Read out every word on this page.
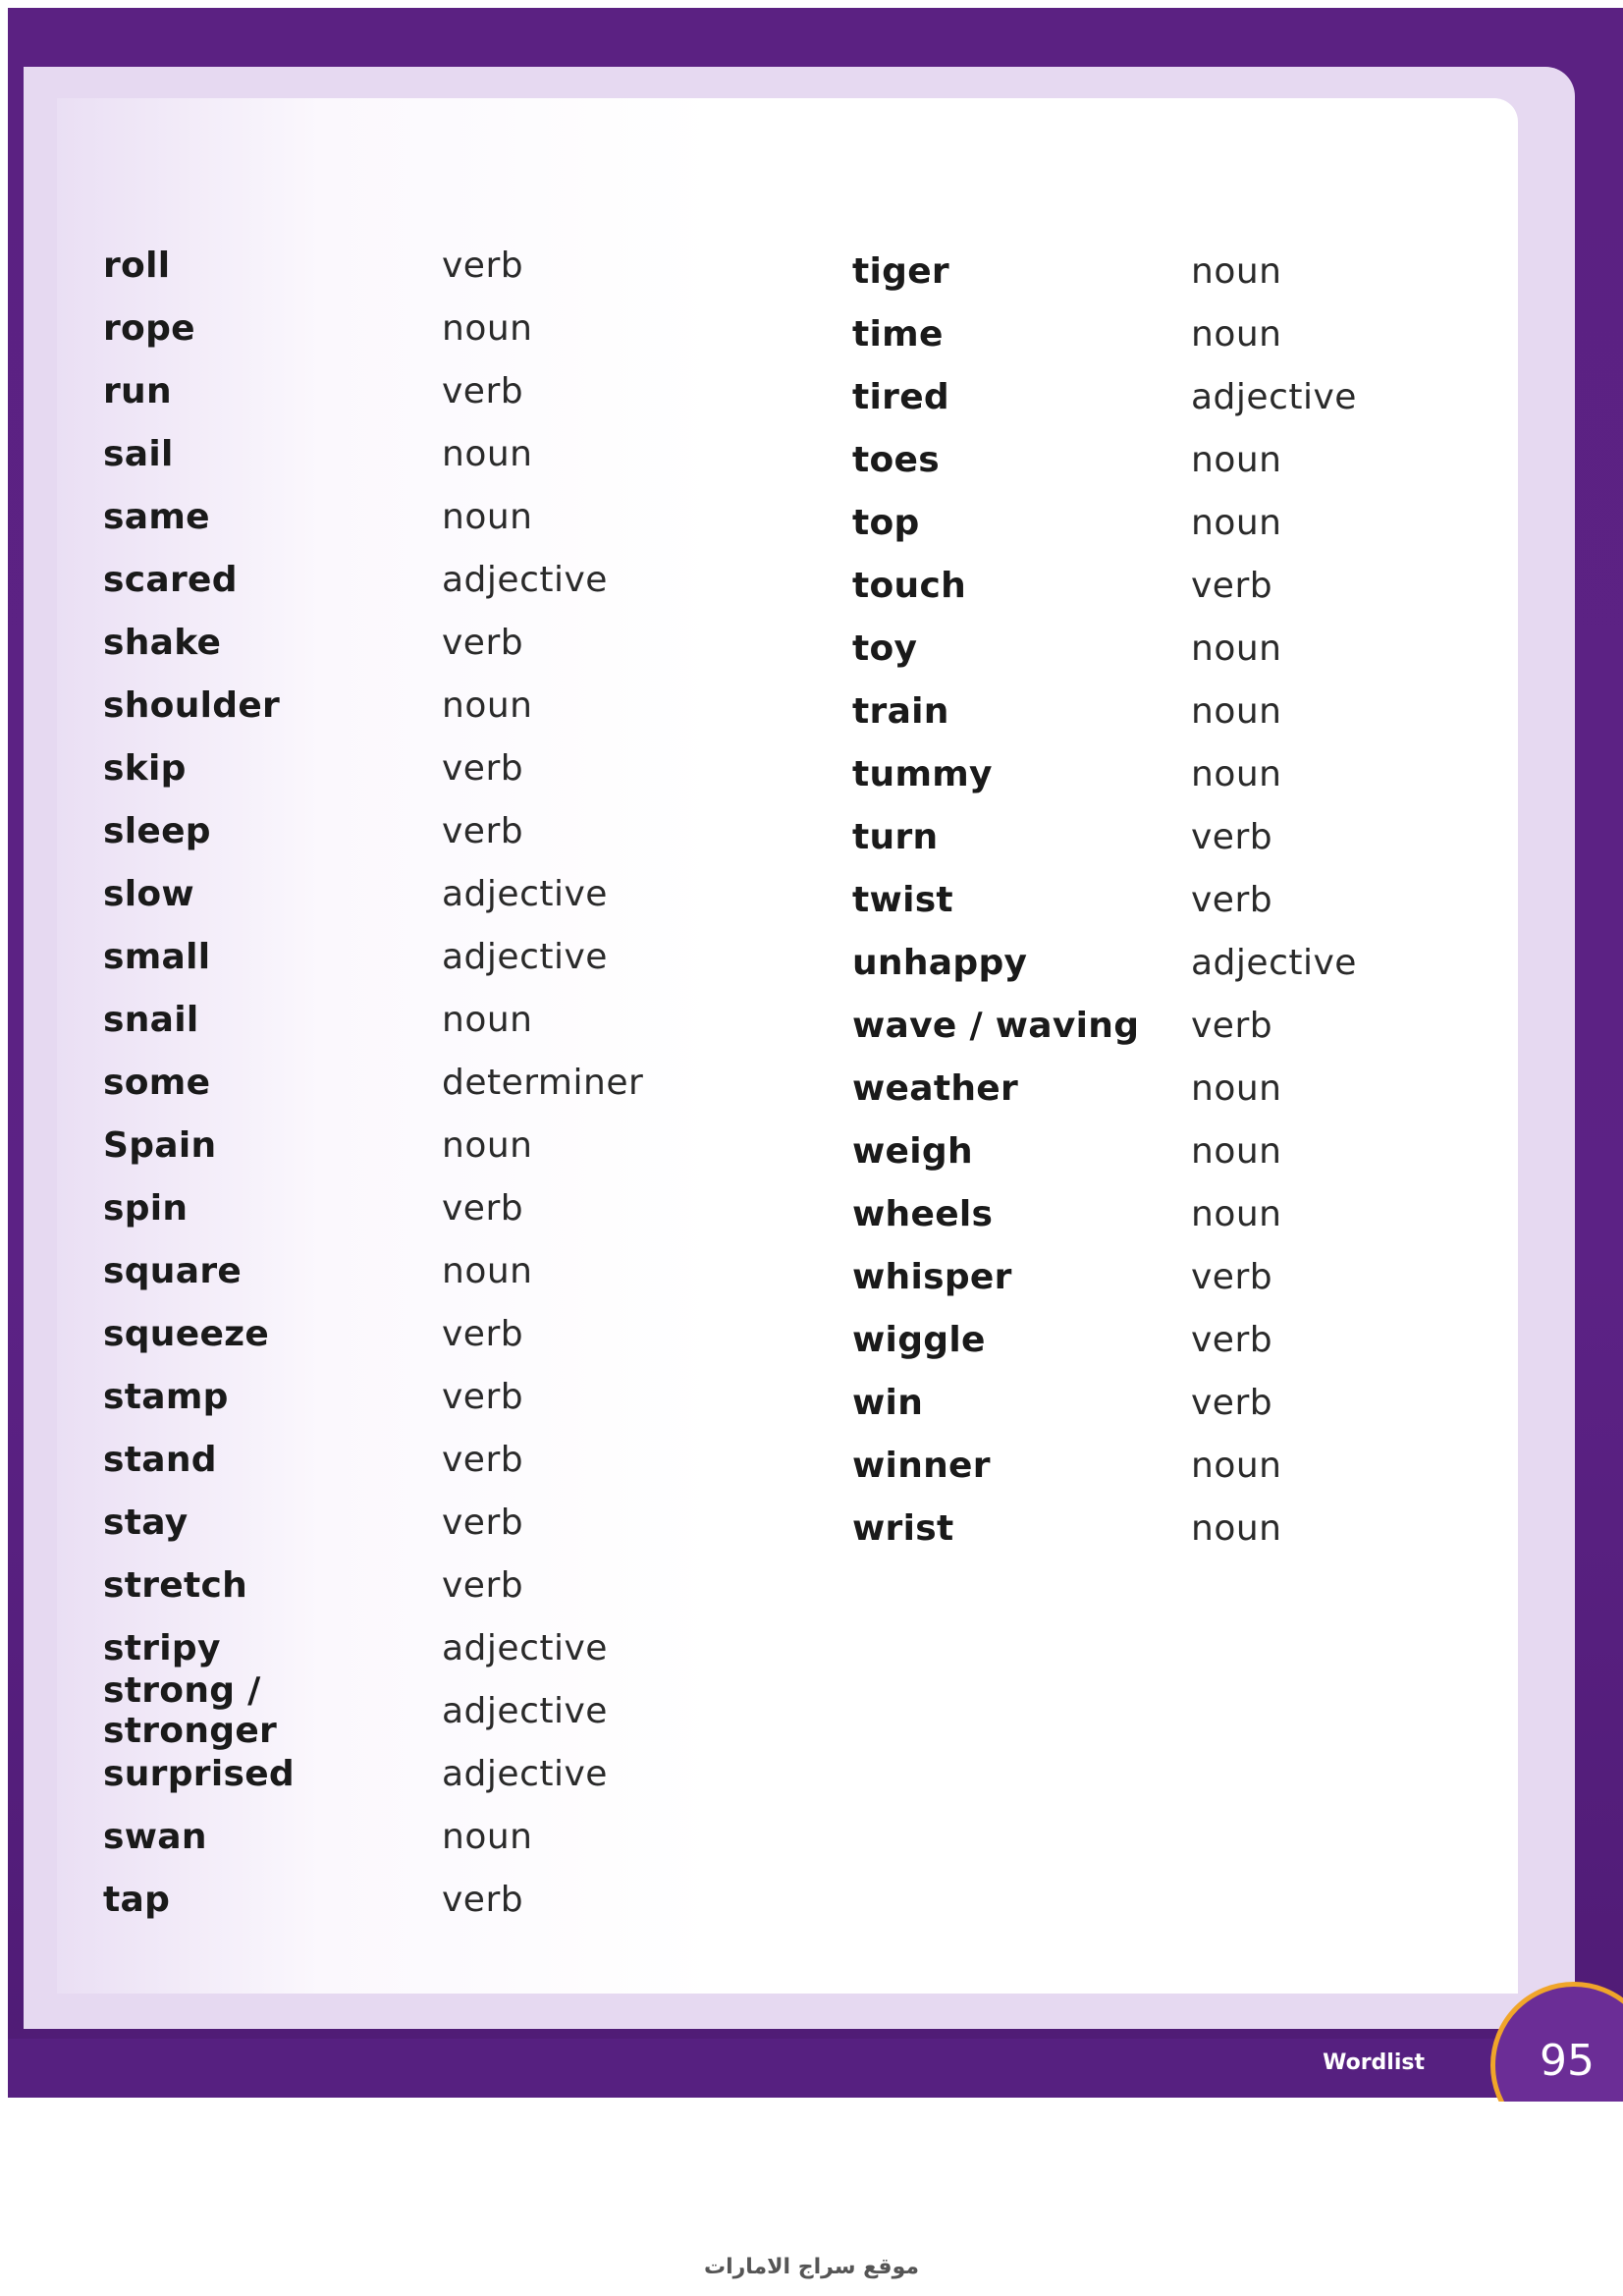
roll	verb
rope	noun
run	verb
sail	noun
same	noun
scared	adjective
shake	verb
shoulder	noun
skip	verb
sleep	verb
slow	adjective
small	adjective
snail	noun
some	determiner
Spain	noun
spin	verb
square	noun
squeeze	verb
stamp	verb
stand	verb
stay	verb
stretch	verb
stripy	adjective
strong / stronger	adjective
surprised	adjective
swan	noun
tap	verb
tiger	noun
time	noun
tired	adjective
toes	noun
top	noun
touch	verb
toy	noun
train	noun
tummy	noun
turn	verb
twist	verb
unhappy	adjective
wave / waving	verb
weather	noun
weigh	noun
wheels	noun
whisper	verb
wiggle	verb
win	verb
winner	noun
wrist	noun
95
Wordlist
موقع سراج الامارات
